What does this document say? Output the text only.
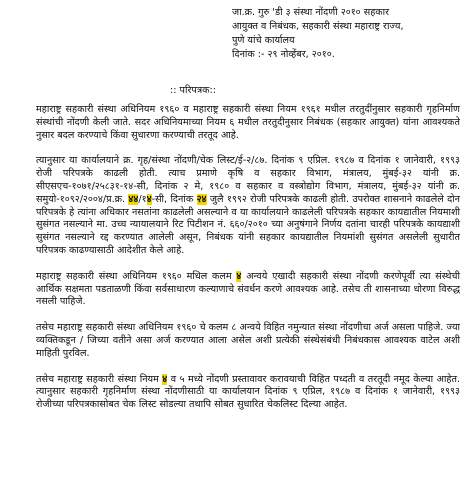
जा.क्र. गुरु 'डी ३ संस्था नोंदणी २०१० सहकार
आयुक्त व निबंधक, सहकारी संस्था महाराष्ट्र राज्य,
पुणे यांचे कार्यालय
दिनांक :- २९ नोव्हेंबर, २०१०.
:: परिपत्रक::

महाराष्ट्र सहकारी संस्था अधिनियम १९६० व महाराष्ट्र सहकारी संस्था नियम १९६१ मधील तरतुदींनुसार सहकारी गृहनिर्माण संस्थांची नोंदणी केली जाते. सदर अधिनियमाच्या नियम ६ मधील तरतुदीनुसार निबंधक (सहकार आयुक्त) यांना आवश्यकते नुसार बदल करण्याचे किंवा सुधारणा करण्याची तरतूद आहे.

त्यानुसार या कार्यालयाने क्र. गृह/संस्था नोंदणी/चेक लिस्ट/ई-२/८७. दिनांक ९ एप्रिल. १९८७ व दिनांक १ जानेवारी, १९९३ रोजी परिपत्रके काढली होती. त्याच प्रमाणे कृषि व सहकार विभाग, मंत्रालय, मुंबई-३२ यांनी क्र. सीएसएच-१०७१/२५८३१-१४-सी, दिनांक २ मे, १९८० व सहकार व वस्त्रोद्योग विभाग, मंत्रालय, मुंबई-३२ यांनी क्र. समुयो-१०९२/२००४/प्र.क्र. ४४/१४-सी, दिनांक २४ जुलै १९९२ रोजी परिपत्रके काढली होती. उपरोक्त शासनाने काढलेले दोन परिपत्रके हे त्यांना अधिकार नसतांना काढलेली असल्याने व या कार्यालयाने काढलेली परिपत्रके सहकार कायद्यातील नियमाशी सुसंगत नसल्याने मा. उच्च न्यायालयाने रिट पिटीशन नं. ६६०/२०१० च्या अनुषंगाने निर्णय दतांना चारही परिपत्रके कायद्याशी सुसंगत नसल्याने रद्द करण्यात आलेली असून, निबंधक यांनी सहकार कायद्यातील नियमांशी सुसंगत असलेली सुधारीत परिपत्रक काढण्यासाठी आदेशीत केले आहे.

महाराष्ट्र सहकारी संस्था अधिनियम १९६० मधिल कलम ४ अन्वये एखादी सहकारी संस्था नोंदणी करणेपूर्वी त्या संस्थेची आर्थिक सक्षमता पडताळणी किंवा सर्वसाधारण कल्याणाचे संवर्धन करणे आवश्यक आहे. तसेच ती शासनाच्या धोरणा विरुद्ध नसली पाहिजे.

तसेच महाराष्ट्र सहकारी संस्था अधिनियम १९६० चे कलम ८ अन्वये विहित नमुन्यात संस्था नोंदणीचा अर्ज असला पाहिजे. ज्या व्यक्तिकडून / जिच्या वतीने असा अर्ज करण्यात आला असेल अशी प्रत्येकी संस्थेसंबंधी निबंधकास आवश्यक वाटेल अशी माहिती पुरविल.

तसेच महाराष्ट्र सहकारी संस्था नियम ४ व ५ मध्ये नोंदणी प्रस्तावावर करावयाची विहित पध्दती व तरतूदी नमूद केल्या आहेत. त्यानुसार सहकारी गृहनिर्माण संस्था नोंदणीसाठी या कार्यालयान दिनांक ९ एप्रिल, १९८७ व दिनांक १ जानेवारी, १९९३ रोजीच्या परिपत्रकासोबत चेक लिस्ट सोडल्या तथापि सोबत सुधारित चेकलिस्ट दिल्या आहेत.
